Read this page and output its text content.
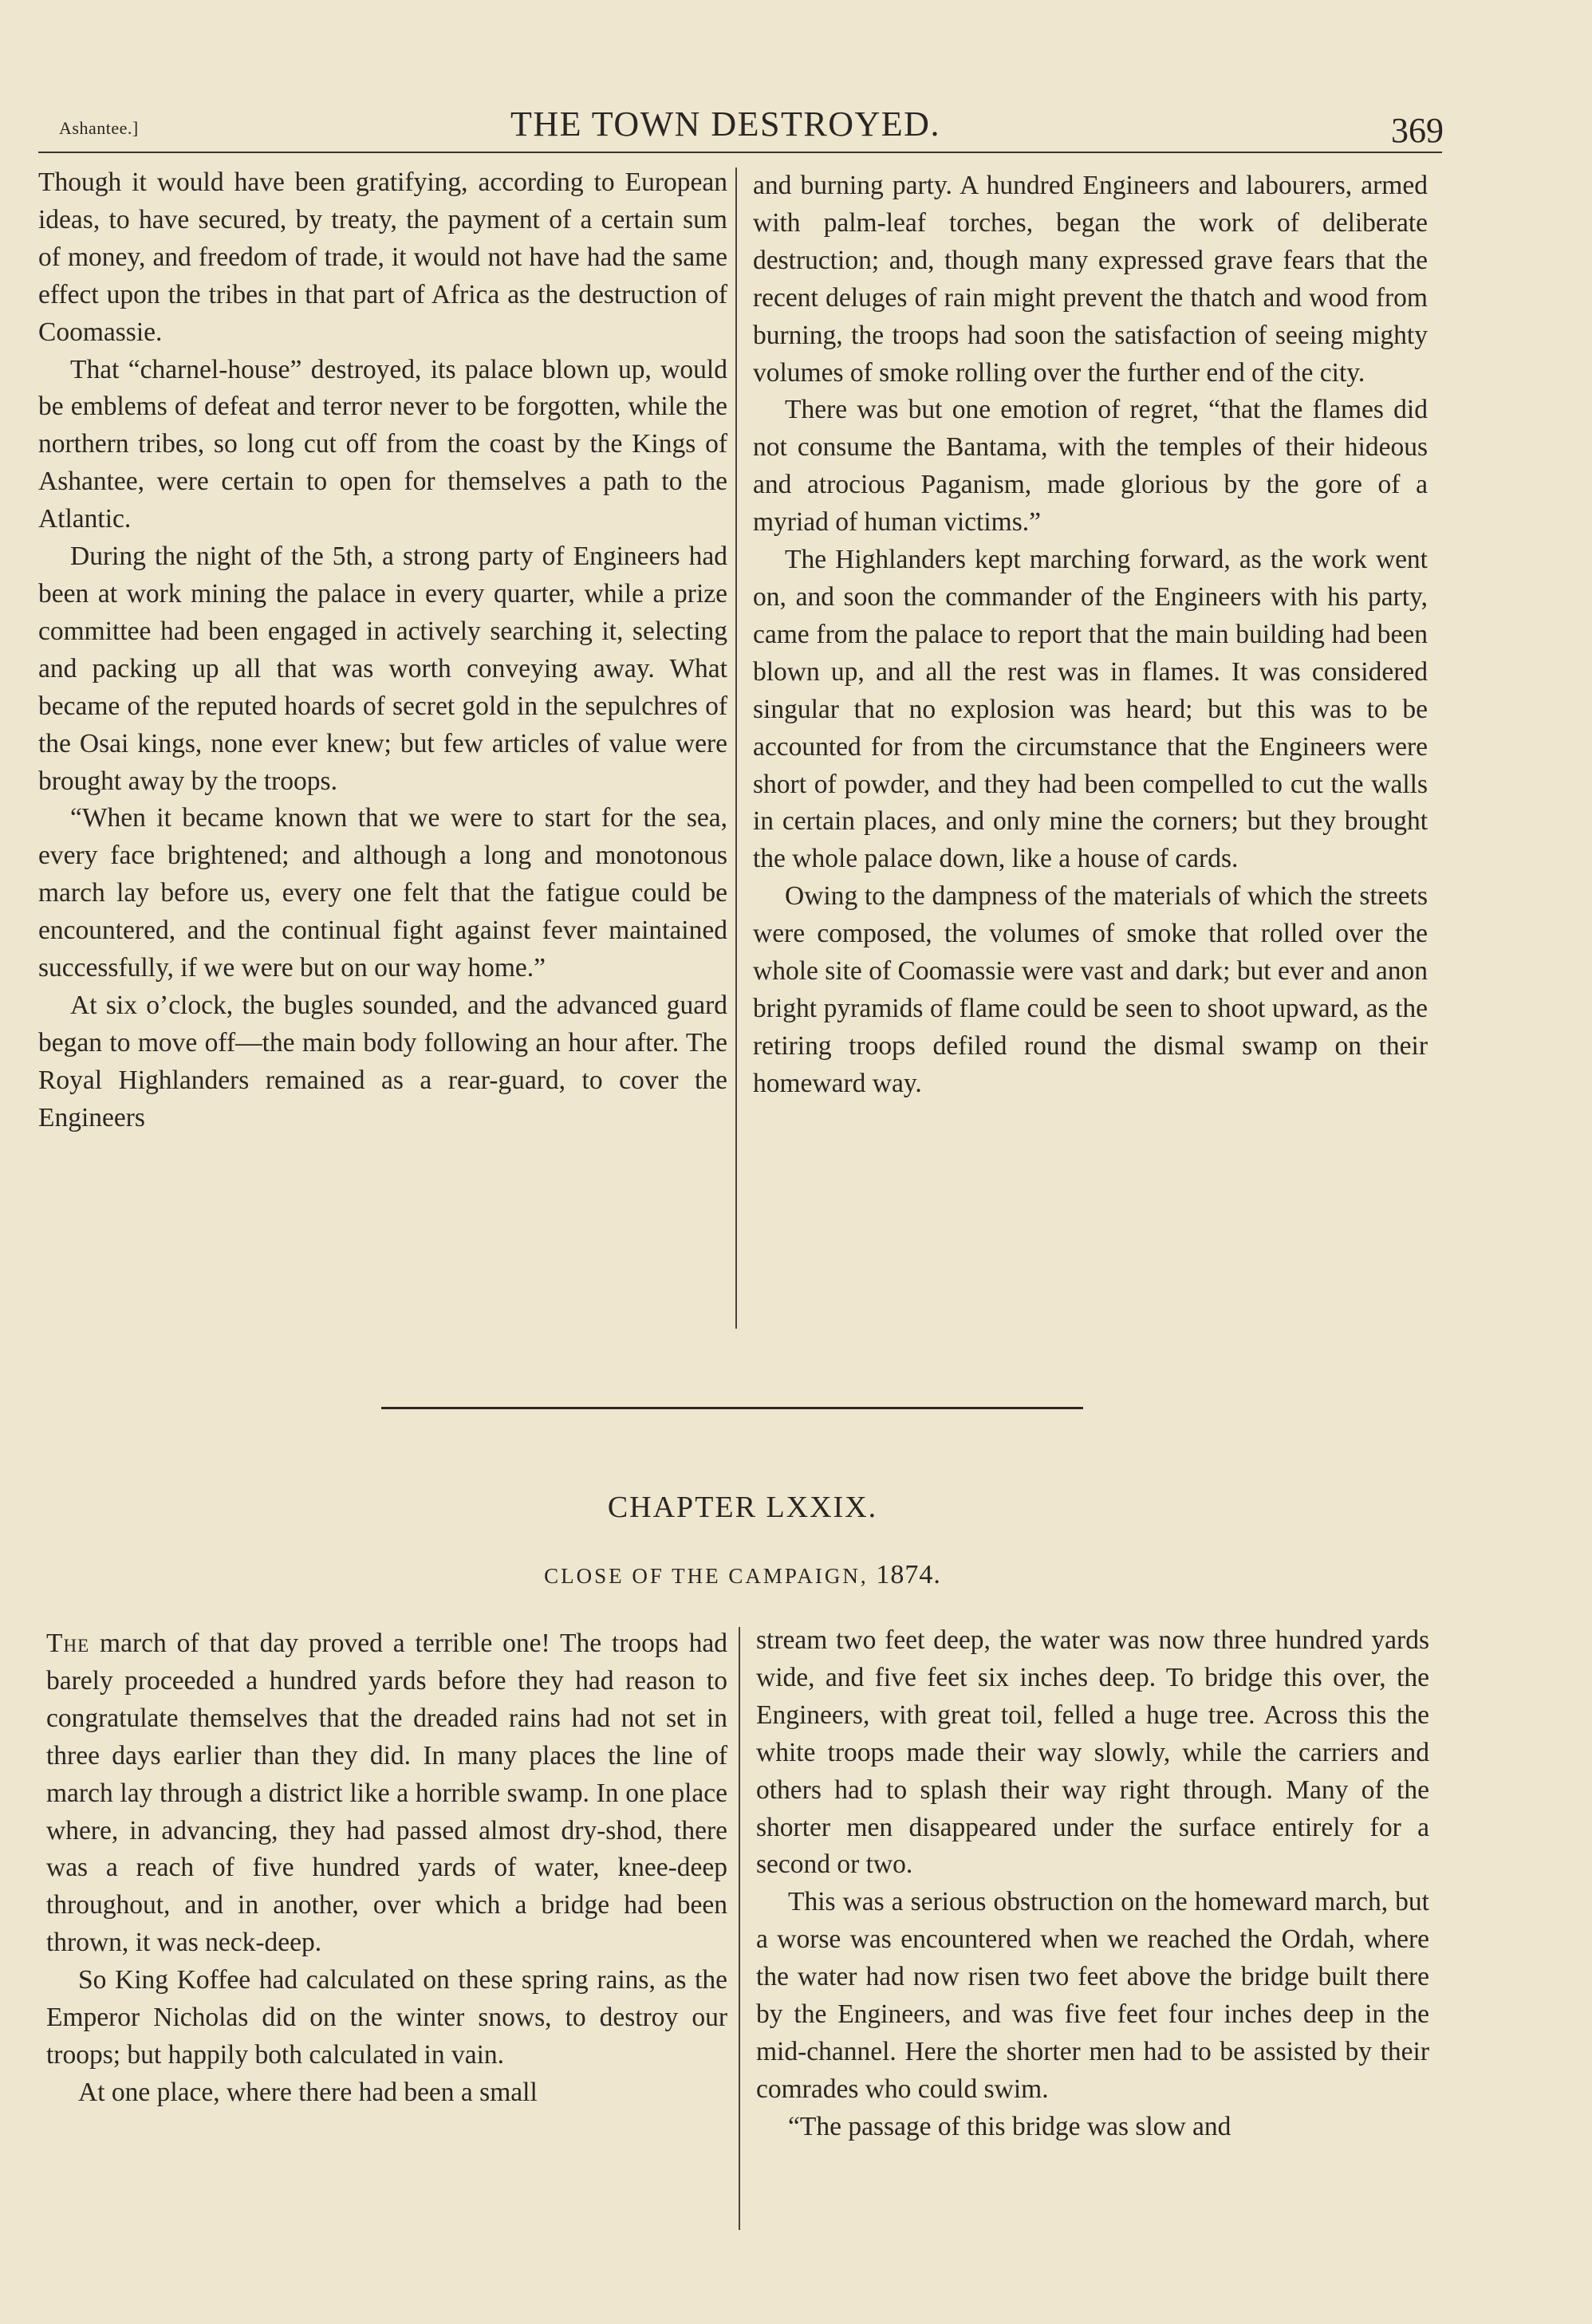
Ashantee.]	THE TOWN DESTROYED.	369

Though it would have been gratifying, according to European ideas, to have secured, by treaty, the payment of a certain sum of money, and freedom of trade, it would not have had the same effect upon the tribes in that part of Africa as the destruction of Coomassie.

That “charnel-house” destroyed, its palace blown up, would be emblems of defeat and terror never to be forgotten, while the northern tribes, so long cut off from the coast by the Kings of Ashantee, were certain to open for themselves a path to the Atlantic.

During the night of the 5th, a strong party of Engineers had been at work mining the palace in every quarter, while a prize committee had been engaged in actively searching it, selecting and packing up all that was worth conveying away. What became of the reputed hoards of secret gold in the sepulchres of the Osai kings, none ever knew; but few articles of value were brought away by the troops.

“When it became known that we were to start for the sea, every face brightened; and although a long and monotonous march lay before us, every one felt that the fatigue could be encountered, and the continual fight against fever maintained successfully, if we were but on our way home.”

At six o’clock, the bugles sounded, and the advanced guard began to move off—the main body following an hour after. The Royal Highlanders remained as a rear-guard, to cover the Engineers

and burning party. A hundred Engineers and labourers, armed with palm-leaf torches, began the work of deliberate destruction; and, though many expressed grave fears that the recent deluges of rain might prevent the thatch and wood from burning, the troops had soon the satisfaction of seeing mighty volumes of smoke rolling over the further end of the city.

There was but one emotion of regret, “that the flames did not consume the Bantama, with the temples of their hideous and atrocious Paganism, made glorious by the gore of a myriad of human victims.”

The Highlanders kept marching forward, as the work went on, and soon the commander of the Engineers with his party, came from the palace to report that the main building had been blown up, and all the rest was in flames. It was considered singular that no explosion was heard; but this was to be accounted for from the circumstance that the Engineers were short of powder, and they had been compelled to cut the walls in certain places, and only mine the corners; but they brought the whole palace down, like a house of cards.

Owing to the dampness of the materials of which the streets were composed, the volumes of smoke that rolled over the whole site of Coomassie were vast and dark; but ever and anon bright pyramids of flame could be seen to shoot upward, as the retiring troops defiled round the dismal swamp on their homeward way.

CHAPTER LXXIX.
CLOSE OF THE CAMPAIGN, 1874.

The march of that day proved a terrible one! The troops had barely proceeded a hundred yards before they had reason to congratulate themselves that the dreaded rains had not set in three days earlier than they did. In many places the line of march lay through a district like a horrible swamp. In one place where, in advancing, they had passed almost dry-shod, there was a reach of five hundred yards of water, knee-deep throughout, and in another, over which a bridge had been thrown, it was neck-deep.

So King Koffee had calculated on these spring rains, as the Emperor Nicholas did on the winter snows, to destroy our troops; but happily both calculated in vain.

At one place, where there had been a small

stream two feet deep, the water was now three hundred yards wide, and five feet six inches deep. To bridge this over, the Engineers, with great toil, felled a huge tree. Across this the white troops made their way slowly, while the carriers and others had to splash their way right through. Many of the shorter men disappeared under the surface entirely for a second or two.

This was a serious obstruction on the homeward march, but a worse was encountered when we reached the Ordah, where the water had now risen two feet above the bridge built there by the Engineers, and was five feet four inches deep in the mid-channel. Here the shorter men had to be assisted by their comrades who could swim.

“The passage of this bridge was slow and
